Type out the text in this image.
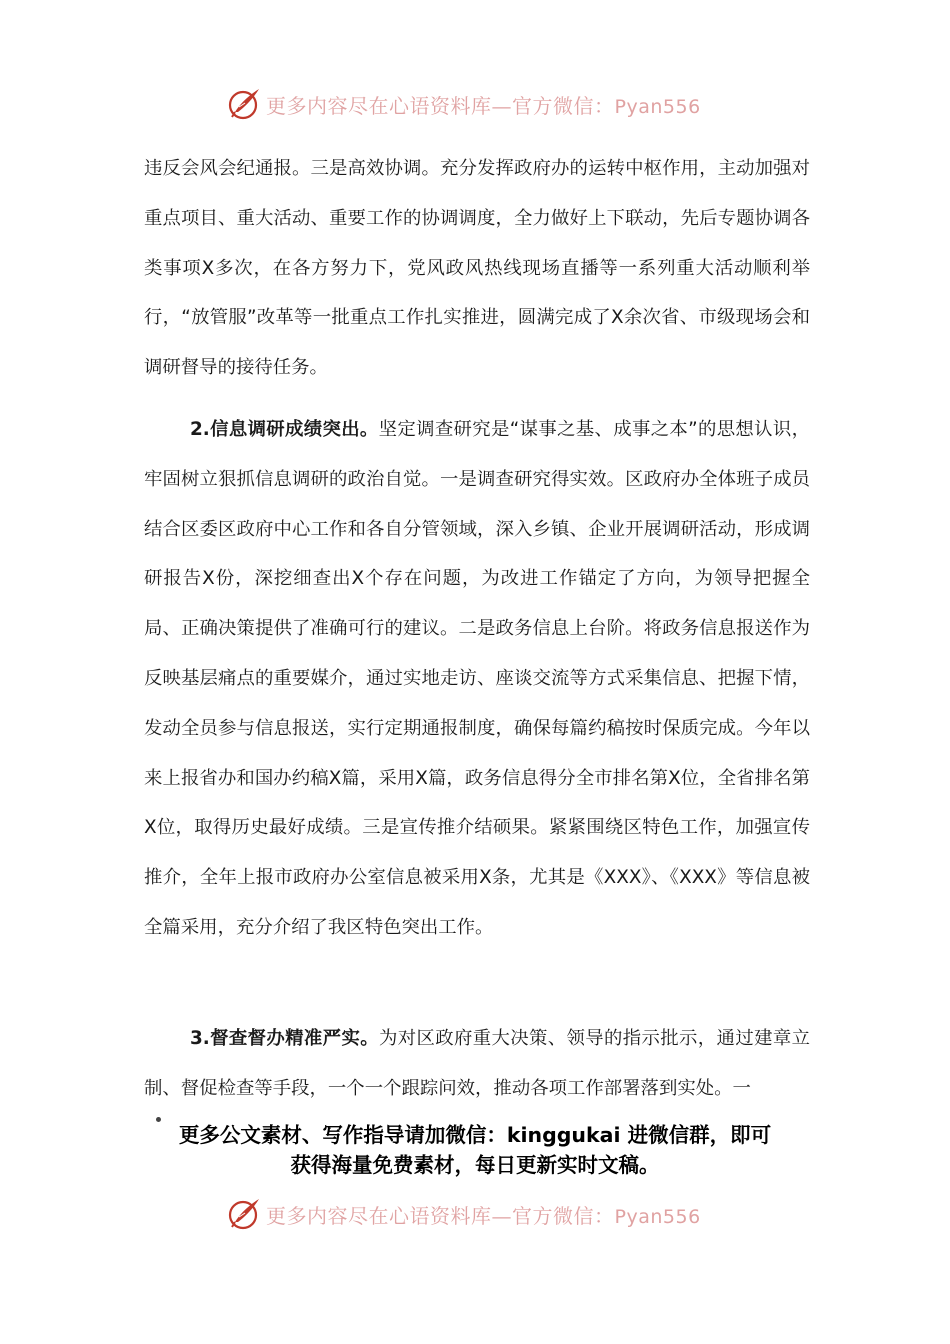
更多内容尽在心语资料库—官方微信：Pyan556

违反会风会纪通报。三是高效协调。充分发挥政府办的运转中枢作用，主动加强对重点项目、重大活动、重要工作的协调调度，全力做好上下联动，先后专题协调各类事项X多次，在各方努力下，党风政风热线现场直播等一系列重大活动顺利举行，“放管服”改革等一批重点工作扎实推进，圆满完成了X余次省、市级现场会和调研督导的接待任务。

2.信息调研成绩突出。坚定调查研究是“谋事之基、成事之本”的思想认识，牢固树立狠抓信息调研的政治自觉。一是调查研究得实效。区政府办全体班子成员结合区委区政府中心工作和各自分管领域，深入乡镇、企业开展调研活动，形成调研报告X份，深挖细查出X个存在问题，为改进工作锚定了方向，为领导把握全局、正确决策提供了准确可行的建议。二是政务信息上台阶。将政务信息报送作为反映基层痛点的重要媒介，通过实地走访、座谈交流等方式采集信息、把握下情，发动全员参与信息报送，实行定期通报制度，确保每篇约稿按时保质完成。今年以来上报省办和国办约稿X篇，采用X篇，政务信息得分全市排名第X位，全省排名第X位，取得历史最好成绩。三是宣传推介结硕果。紧紧围绕区特色工作，加强宣传推介，全年上报市政府办公室信息被采用X条，尤其是《XXX》、《XXX》等信息被全篇采用，充分介绍了我区特色突出工作。

3.督查督办精准严实。为对区政府重大决策、领导的指示批示，通过建章立制、督促检查等手段，一个一个跟踪问效，推动各项工作部署落到实处。一

更多公文素材、写作指导请加微信：kinggukai 进微信群，即可
获得海量免费素材，每日更新实时文稿。

更多内容尽在心语资料库—官方微信：Pyan556
